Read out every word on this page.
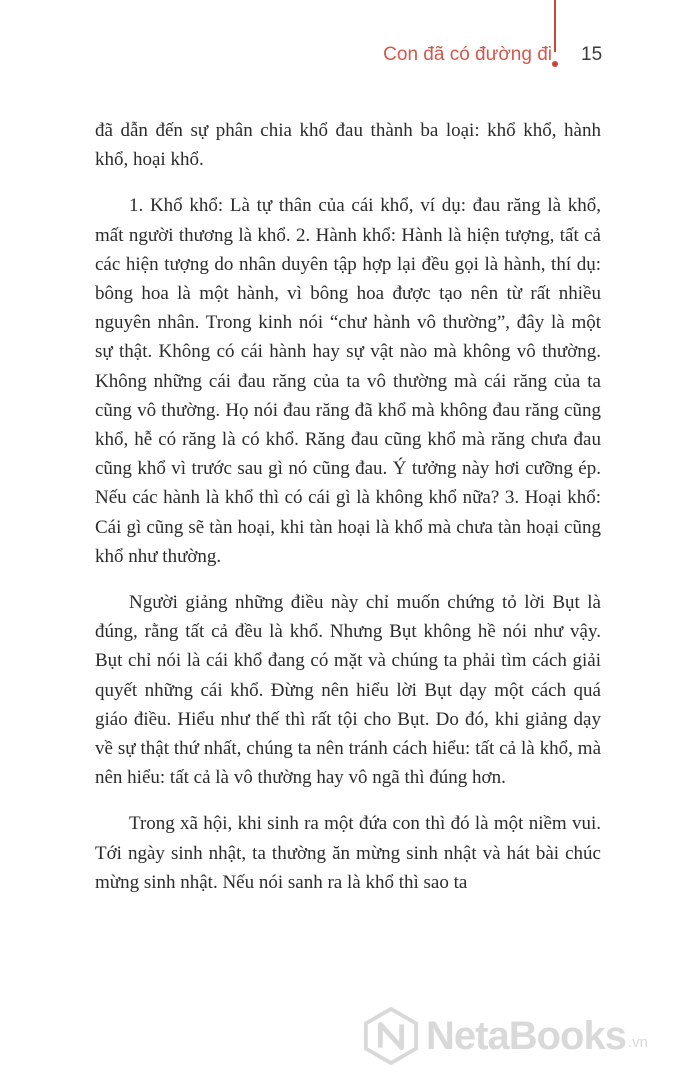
Con đã có đường đi 15

đã dẫn đến sự phân chia khổ đau thành ba loại: khổ khổ, hành khổ, hoại khổ.

1. Khổ khổ: Là tự thân của cái khổ, ví dụ: đau răng là khổ, mất người thương là khổ. 2. Hành khổ: Hành là hiện tượng, tất cả các hiện tượng do nhân duyên tập hợp lại đều gọi là hành, thí dụ: bông hoa là một hành, vì bông hoa được tạo nên từ rất nhiều nguyên nhân. Trong kinh nói “chư hành vô thường”, đây là một sự thật. Không có cái hành hay sự vật nào mà không vô thường. Không những cái đau răng của ta vô thường mà cái răng của ta cũng vô thường. Họ nói đau răng đã khổ mà không đau răng cũng khổ, hễ có răng là có khổ. Răng đau cũng khổ mà răng chưa đau cũng khổ vì trước sau gì nó cũng đau. Ý tưởng này hơi cưỡng ép. Nếu các hành là khổ thì có cái gì là không khổ nữa? 3. Hoại khổ: Cái gì cũng sẽ tàn hoại, khi tàn hoại là khổ mà chưa tàn hoại cũng khổ như thường.

Người giảng những điều này chỉ muốn chứng tỏ lời Bụt là đúng, rằng tất cả đều là khổ. Nhưng Bụt không hề nói như vậy. Bụt chỉ nói là cái khổ đang có mặt và chúng ta phải tìm cách giải quyết những cái khổ. Đừng nên hiểu lời Bụt dạy một cách quá giáo điều. Hiểu như thế thì rất tội cho Bụt. Do đó, khi giảng dạy về sự thật thứ nhất, chúng ta nên tránh cách hiểu: tất cả là khổ, mà nên hiểu: tất cả là vô thường hay vô ngã thì đúng hơn.

Trong xã hội, khi sinh ra một đứa con thì đó là một niềm vui. Tới ngày sinh nhật, ta thường ăn mừng sinh nhật và hát bài chúc mừng sinh nhật. Nếu nói sanh ra là khổ thì sao ta

NetaBooks .vn
